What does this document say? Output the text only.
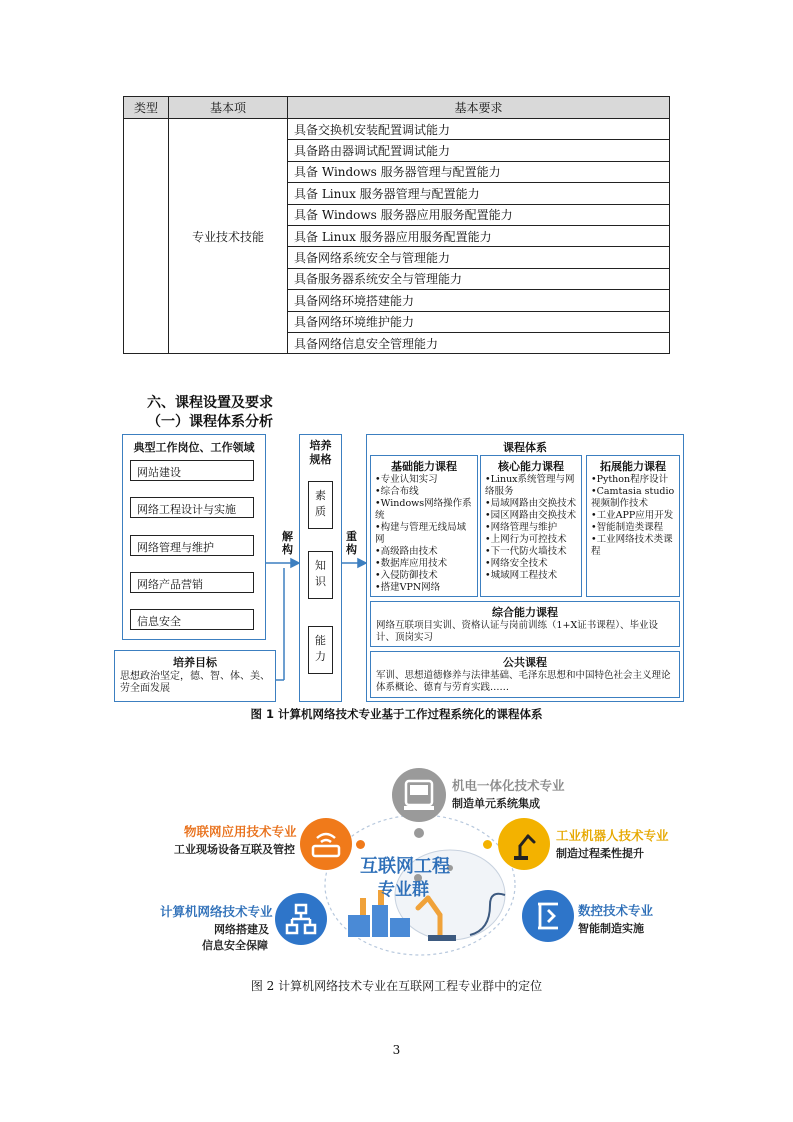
类型	基本项	基本要求
	专业技术技能	具备交换机安装配置调试能力
		具备路由器调试配置调试能力
		具备 Windows 服务器管理与配置能力
		具备 Linux 服务器管理与配置能力
		具备 Windows 服务器应用服务配置能力
		具备 Linux 服务器应用服务配置能力
		具备网络系统安全与管理能力
		具备服务器系统安全与管理能力
		具备网络环境搭建能力
		具备网络环境维护能力
		具备网络信息安全管理能力
六、课程设置及要求
（一）课程体系分析
典型工作岗位、工作领域
网站建设
网络工程设计与实施
网络管理与维护
网络产品营销
信息安全
培养目标
思想政治坚定，德、智、体、美、劳全面发展
解构
重构
培养规格
素质
知识
能力
课程体系
基础能力课程
•专业认知实习
•综合布线
•Windows网络操作系统
•构建与管理无线局域网
•高级路由技术
•数据库应用技术
•入侵防御技术
•搭建VPN网络
核心能力课程
•Linux系统管理与网络服务
•局域网路由交换技术
•园区网路由交换技术
•网络管理与维护
•上网行为可控技术
•下一代防火墙技术
•网络安全技术
•城域网工程技术
拓展能力课程
•Python程序设计
•Camtasia studio视频制作技术
•工业APP应用开发
•智能制造类课程
•工业网络技术类课程
综合能力课程
网络互联项目实训、资格认证与岗前训练（1+X证书课程）、毕业设计、顶岗实习
公共课程
军训、思想道德修养与法律基础、毛泽东思想和中国特色社会主义理论体系概论、德育与劳育实践……
图 1 计算机网络技术专业基于工作过程系统化的课程体系
互联网工程
专业群
机电一体化技术专业
制造单元系统集成
物联网应用技术专业
工业现场设备互联及管控
工业机器人技术专业
制造过程柔性提升
计算机网络技术专业
网络搭建及
信息安全保障
数控技术专业
智能制造实施
图 2 计算机网络技术专业在互联网工程专业群中的定位
3
